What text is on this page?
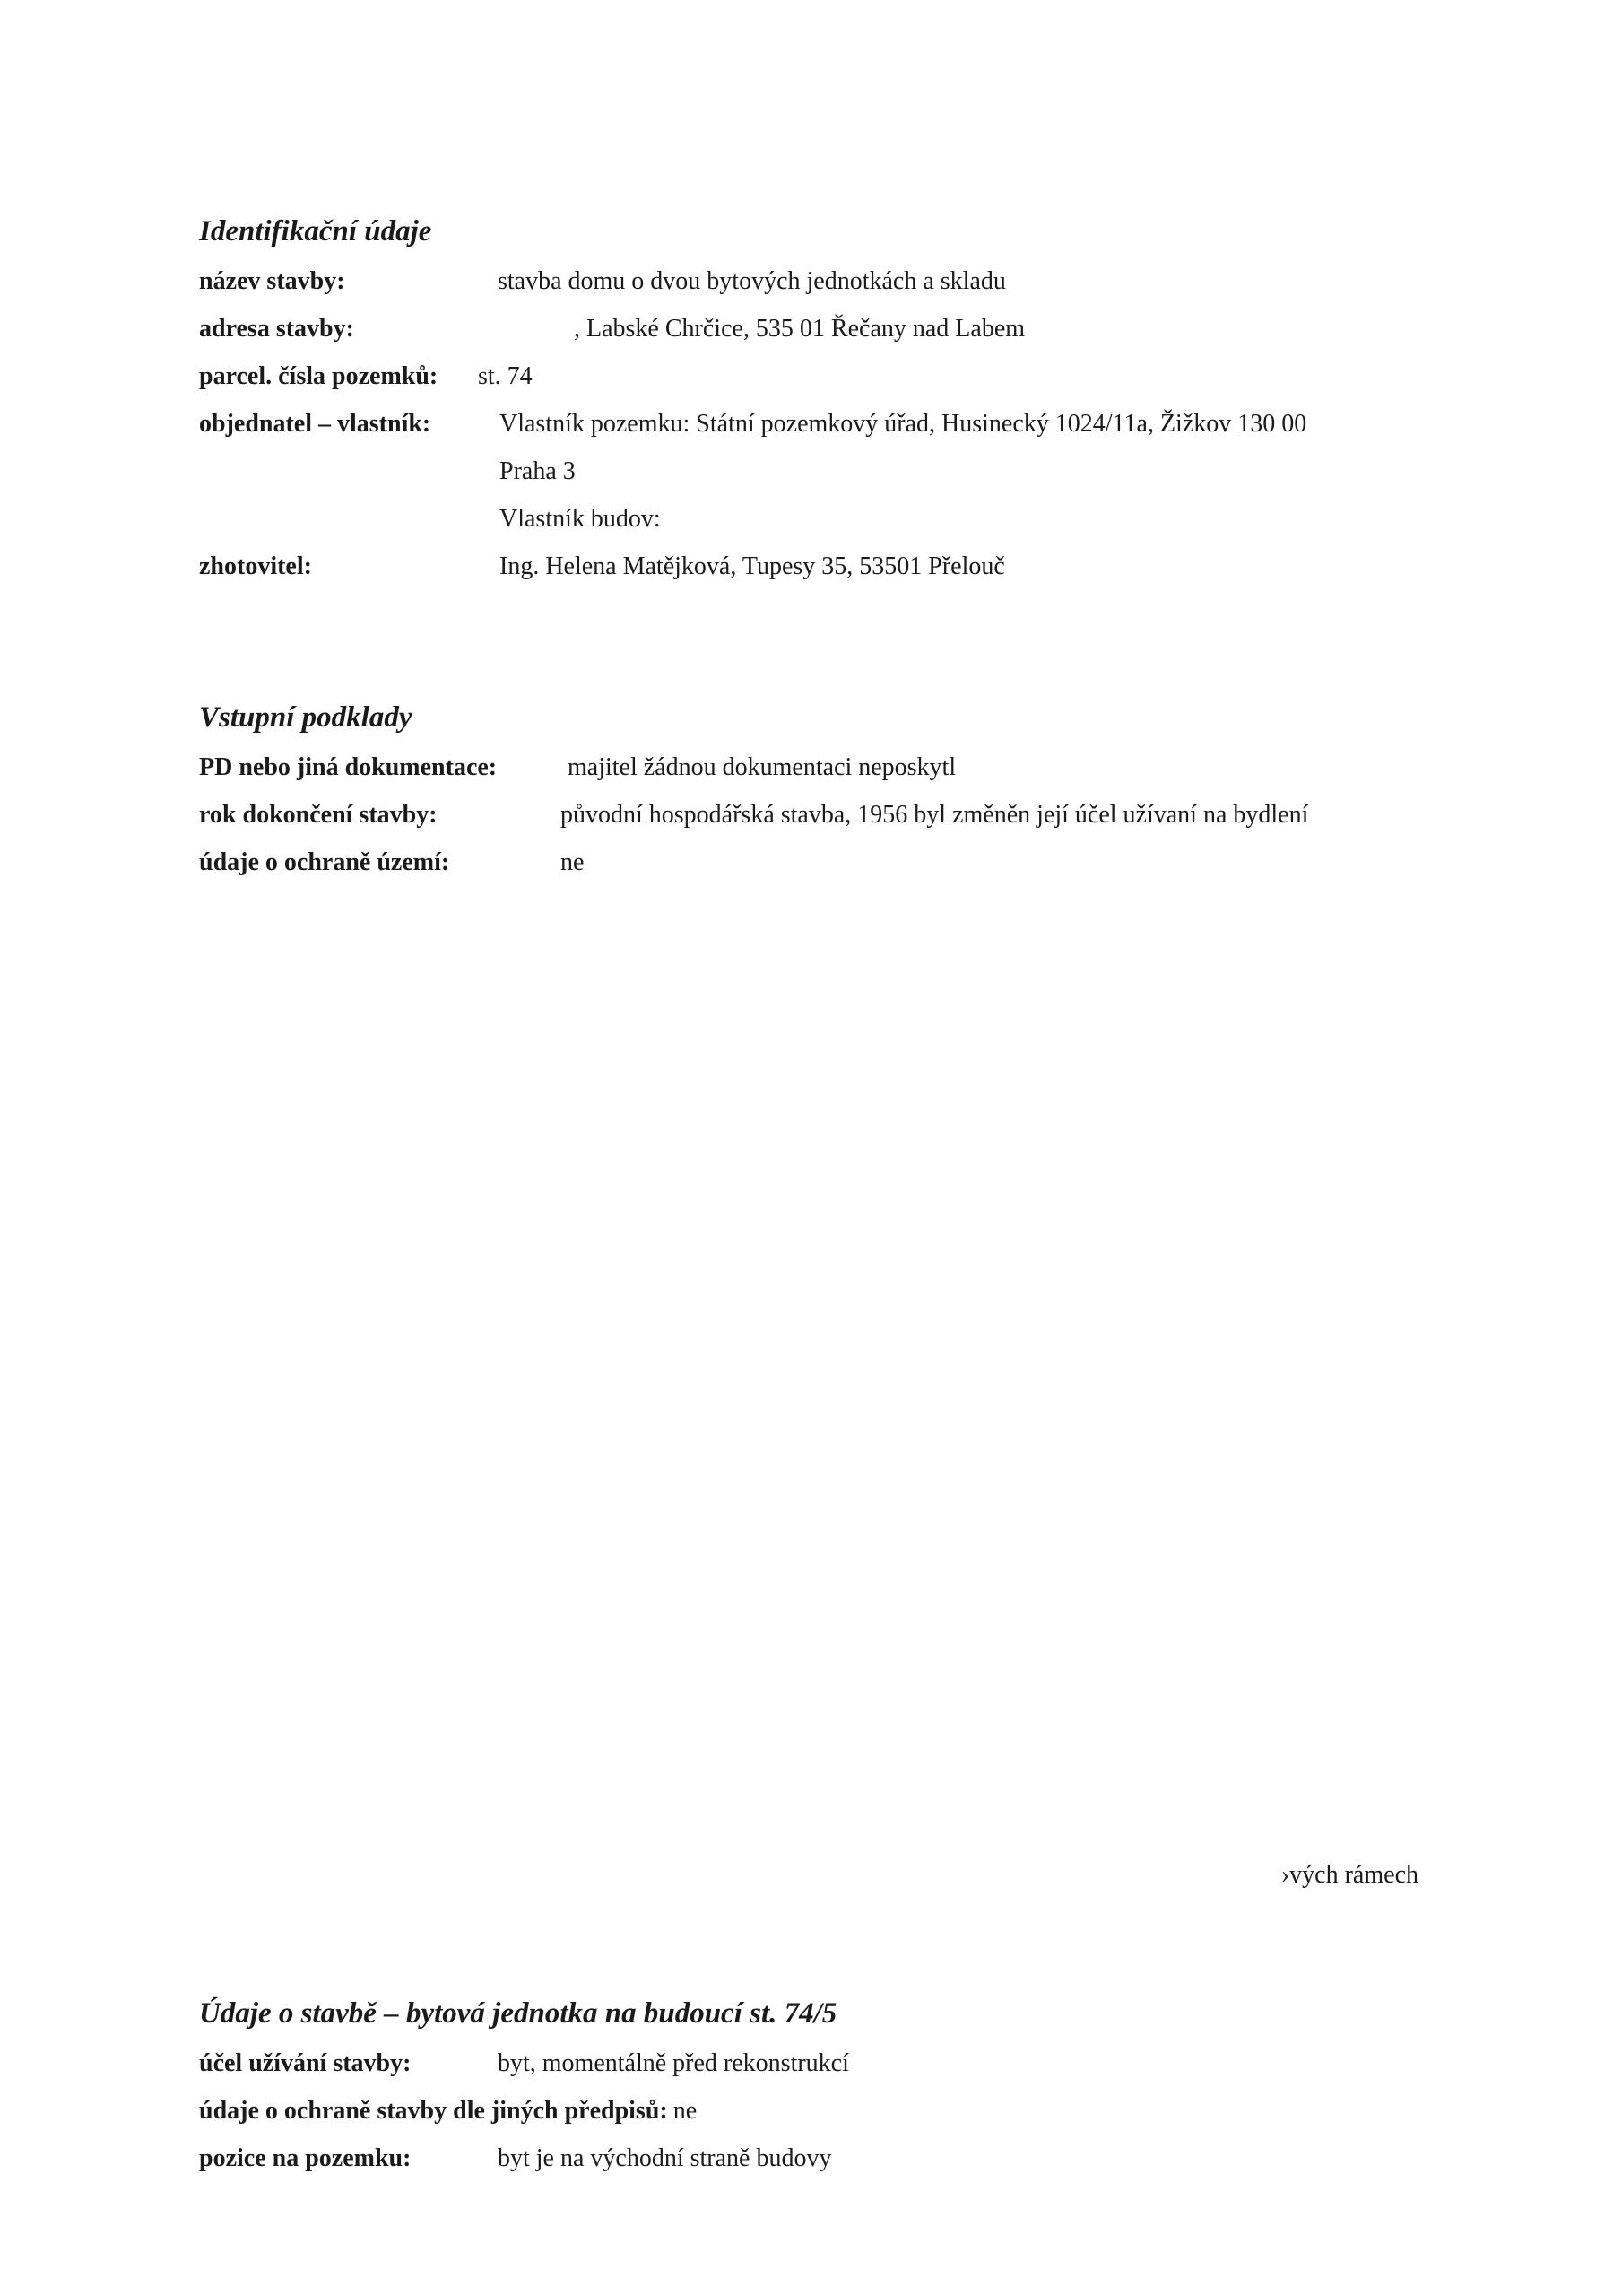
Identifikační údaje
název stavby:	stavba domu o dvou bytových jednotkách a skladu
adresa stavby:	, Labské Chrčice, 535 01 Řečany nad Labem
parcel. čísla pozemků: st. 74
objednatel – vlastník:	Vlastník pozemku: Státní pozemkový úřad, Husinecký 1024/11a, Žižkov 130 00
Praha 3
Vlastník budov:
zhotovitel:	Ing. Helena Matějková, Tupesy 35, 53501 Přelouč
Vstupní podklady
PD nebo jiná dokumentace:	majitel žádnou dokumentaci neposkytl
rok dokončení stavby:	původní hospodářská stavba, 1956 byl změněn její účel užívaní na bydlení
údaje o ochraně území:	ne
›vých rámech
Údaje o stavbě – bytová jednotka na budoucí st. 74/5
účel užívání stavby:	byt, momentálně před rekonstrukcí
údaje o ochraně stavby dle jiných předpisů: ne
pozice na pozemku:	byt je na východní straně budovy
